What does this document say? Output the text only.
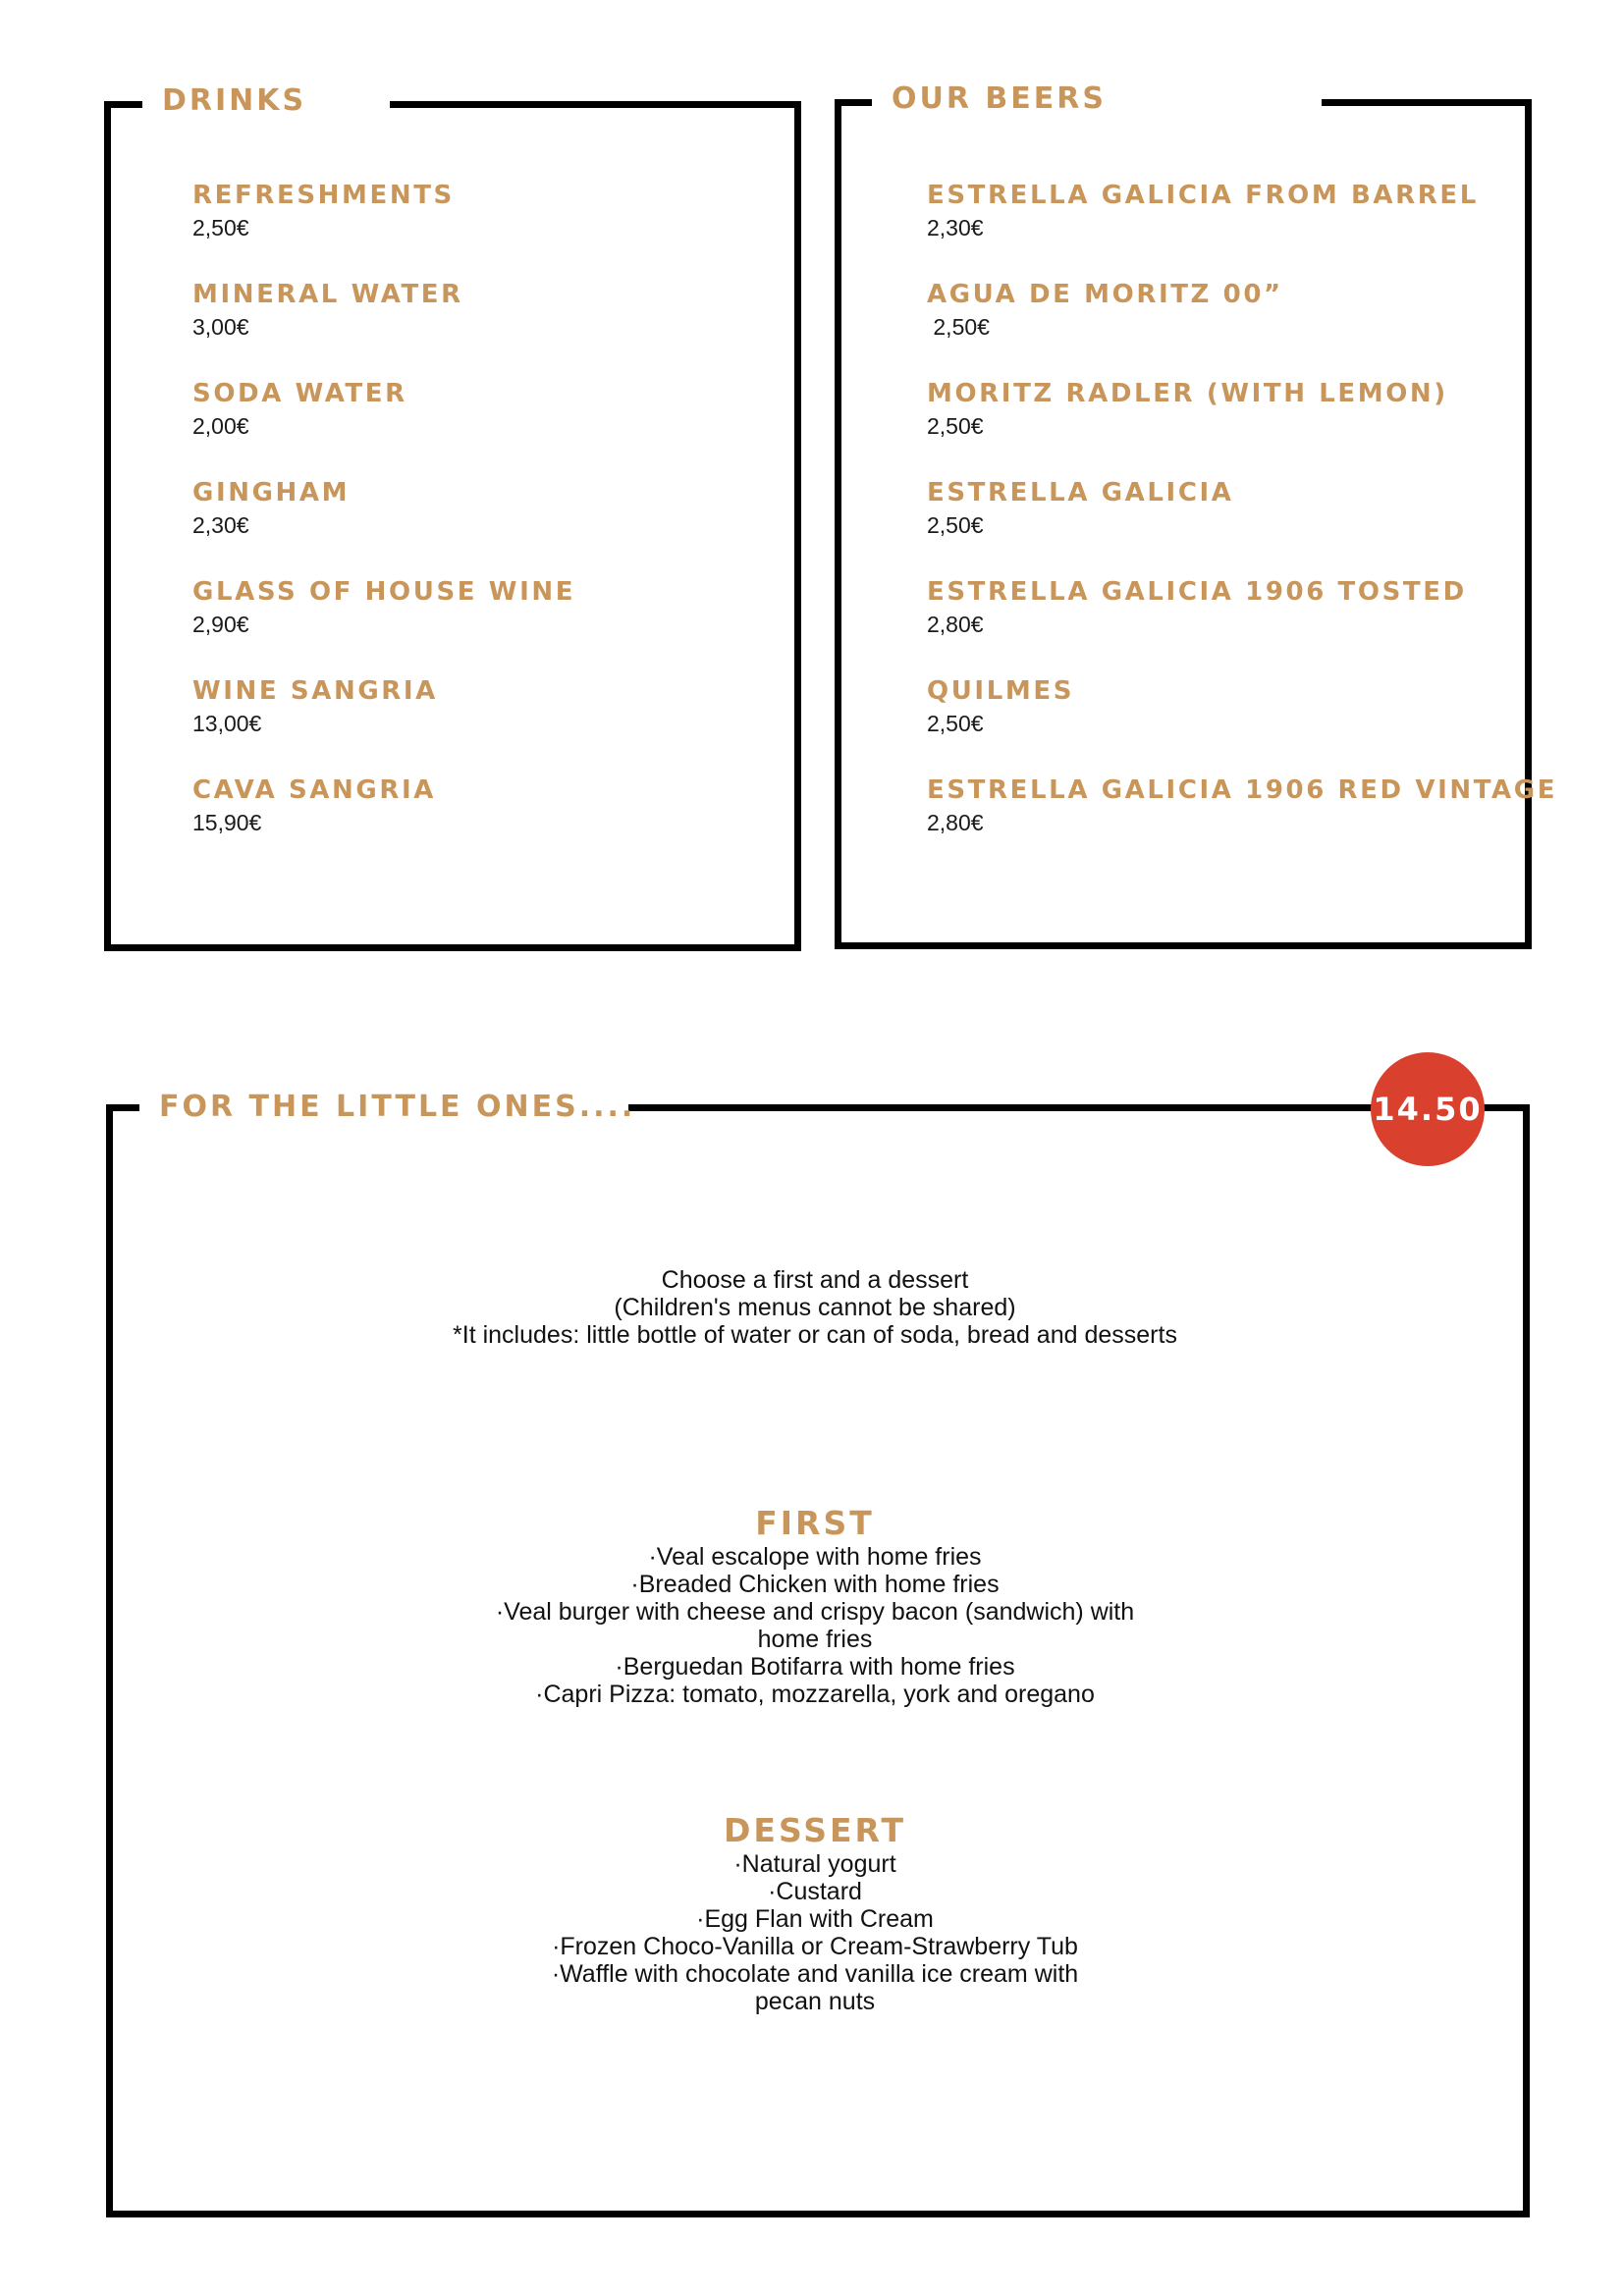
DRINKS
REFRESHMENTS
2,50€
MINERAL WATER
3,00€
SODA WATER
2,00€
GINGHAM
2,30€
GLASS OF HOUSE WINE
2,90€
WINE SANGRIA
13,00€
CAVA SANGRIA
15,90€
OUR BEERS
ESTRELLA GALICIA FROM BARREL
2,30€
AGUA DE MORITZ 00”
2,50€
MORITZ RADLER (WITH LEMON)
2,50€
ESTRELLA GALICIA
2,50€
ESTRELLA GALICIA 1906 TOSTED
2,80€
QUILMES
2,50€
ESTRELLA GALICIA 1906 RED VINTAGE
2,80€
FOR THE LITTLE ONES....	14.50
Choose a first and a dessert
(Children's menus cannot be shared)
*It includes: little bottle of water or can of soda, bread and desserts
FIRST
·Veal escalope with home fries
·Breaded Chicken with home fries
·Veal burger with cheese and crispy bacon (sandwich) with
home fries
·Berguedan Botifarra with home fries
·Capri Pizza: tomato, mozzarella, york and oregano
DESSERT
·Natural yogurt
·Custard
·Egg Flan with Cream
·Frozen Choco-Vanilla or Cream-Strawberry Tub
·Waffle with chocolate and vanilla ice cream with
pecan nuts
